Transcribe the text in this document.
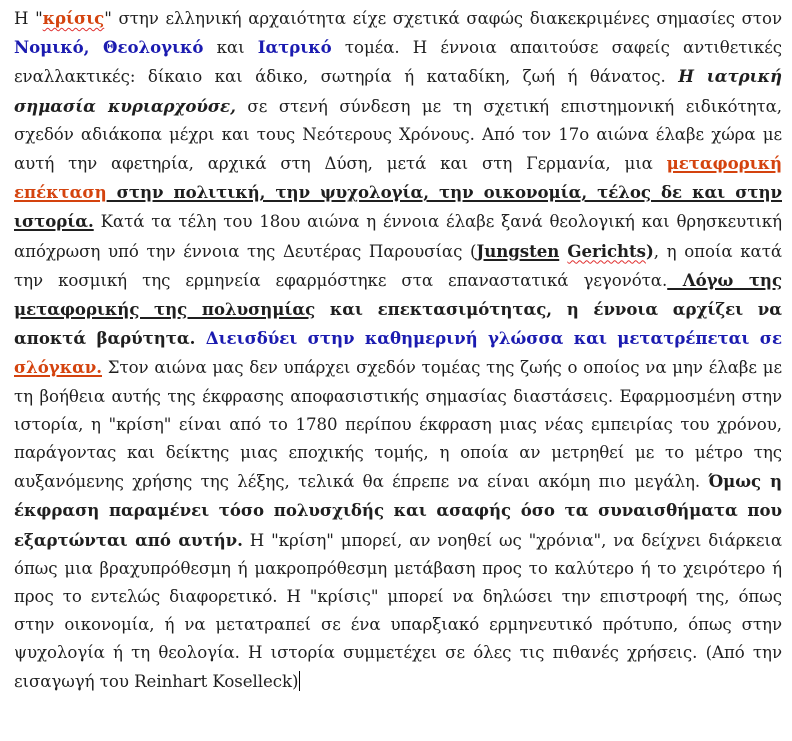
Η "κρίσις" στην ελληνική αρχαιότητα είχε σχετικά σαφώς διακεκριμένες σημασίες στον Νομικό, Θεολογικό και Ιατρικό τομέα. Η έννοια απαιτούσε σαφείς αντιθετικές εναλλακτικές: δίκαιο και άδικο, σωτηρία ή καταδίκη, ζωή ή θάνατος. Η ιατρική σημασία κυριαρχούσε, σε στενή σύνδεση με τη σχετική επιστημονική ειδικότητα, σχεδόν αδιάκοπα μέχρι και τους Νεότερους Χρόνους. Από τον 17ο αιώνα έλαβε χώρα με αυτή την αφετηρία, αρχικά στη Δύση, μετά και στη Γερμανία, μια μεταφορική επέκταση στην πολιτική, την ψυχολογία, την οικονομία, τέλος δε και στην ιστορία. Κατά τα τέλη του 18ου αιώνα η έννοια έλαβε ξανά θεολογική και θρησκευτική απόχρωση υπό την έννοια της Δευτέρας Παρουσίας (Jungsten Gerichts), η οποία κατά την κοσμική της ερμηνεία εφαρμόστηκε στα επαναστατικά γεγονότα. Λόγω της μεταφορικής της πολυσημίας και επεκτασιμότητας, η έννοια αρχίζει να αποκτά βαρύτητα. Διεισδύει στην καθημερινή γλώσσα και μετατρέπεται σε σλόγκαν. Στον αιώνα μας δεν υπάρχει σχεδόν τομέας της ζωής ο οποίος να μην έλαβε με τη βοήθεια αυτής της έκφρασης αποφασιστικής σημασίας διαστάσεις. Εφαρμοσμένη στην ιστορία, η "κρίση" είναι από το 1780 περίπου έκφραση μιας νέας εμπειρίας του χρόνου, παράγοντας και δείκτης μιας εποχικής τομής, η οποία αν μετρηθεί με το μέτρο της αυξανόμενης χρήσης της λέξης, τελικά θα έπρεπε να είναι ακόμη πιο μεγάλη. Όμως η έκφραση παραμένει τόσο πολυσχιδής και ασαφής όσο τα συναισθήματα που εξαρτώνται από αυτήν. Η "κρίση" μπορεί, αν νοηθεί ως "χρόνια", να δείχνει διάρκεια όπως μια βραχυπρόθεσμη ή μακροπρόθεσμη μετάβαση προς το καλύτερο ή το χειρότερο ή προς το εντελώς διαφορετικό. Η "κρίσις" μπορεί να δηλώσει την επιστροφή της, όπως στην οικονομία, ή να μετατραπεί σε ένα υπαρξιακό ερμηνευτικό πρότυπο, όπως στην ψυχολογία ή τη θεολογία. Η ιστορία συμμετέχει σε όλες τις πιθανές χρήσεις. (Από την εισαγωγή του Reinhart Koselleck)
